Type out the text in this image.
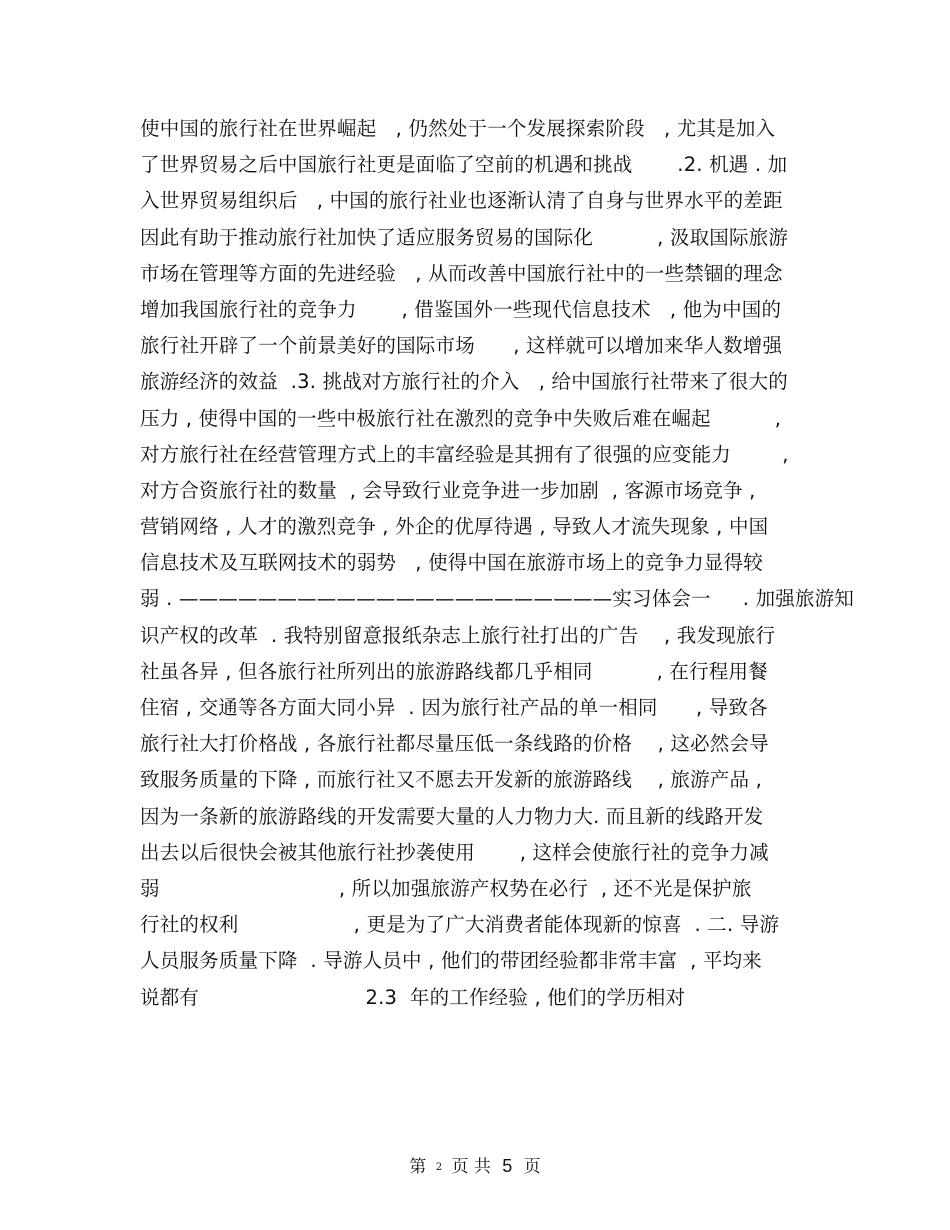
使中国的旅行社在世界崛起   , 仍然处于一个发展探索阶段   , 尤其是加入
了世界贸易之后中国旅行社更是面临了空前的机遇和挑战       .2. 机遇 . 加
入世界贸易组织后   , 中国的旅行社业也逐渐认清了自身与世界水平的差距
因此有助于推动旅行社加快了适应服务贸易的国际化          , 汲取国际旅游
市场在管理等方面的先进经验   , 从而改善中国旅行社中的一些禁锢的理念
增加我国旅行社的竞争力       , 借鉴国外一些现代信息技术   , 他为中国的
旅行社开辟了一个前景美好的国际市场      , 这样就可以增加来华人数增强
旅游经济的效益  .3. 挑战对方旅行社的介入   , 给中国旅行社带来了很大的
压力 , 使得中国的一些中极旅行社在激烈的竞争中失败后难在崛起          ,
对方旅行社在经营管理方式上的丰富经验是其拥有了很强的应变能力        ,
对方合资旅行社的数量  , 会导致行业竞争进一步加剧  , 客源市场竞争 ,
营销网络 , 人才的激烈竞争 , 外企的优厚待遇 , 导致人才流失现象 , 中国
信息技术及互联网技术的弱势   , 使得中国在旅游市场上的竞争力显得较
弱 . ——————————————————————实习体会一     . 加强旅游知
识产权的改革  . 我特别留意报纸杂志上旅行社打出的广告    , 我发现旅行
社虽各异 , 但各旅行社所列出的旅游路线都几乎相同          , 在行程用餐
住宿 , 交通等各方面大同小异  . 因为旅行社产品的单一相同      , 导致各
旅行社大打价格战 , 各旅行社都尽量压低一条线路的价格    , 这必然会导
致服务质量的下降 , 而旅行社又不愿去开发新的旅游路线    , 旅游产品 ,
因为一条新的旅游路线的开发需要大量的人力物力大. 而且新的线路开发
出去以后很快会被其他旅行社抄袭使用       , 这样会使旅行社的竞争力减
弱                            , 所以加强旅游产权势在必行  , 还不光是保护旅
行社的权利                  , 更是为了广大消费者能体现新的惊喜  . 二. 导游
人员服务质量下降  . 导游人员中 , 他们的带团经验都非常丰富  , 平均来
说都有                          2.3  年的工作经验 , 他们的学历相对
第 2 页 共 5 页
